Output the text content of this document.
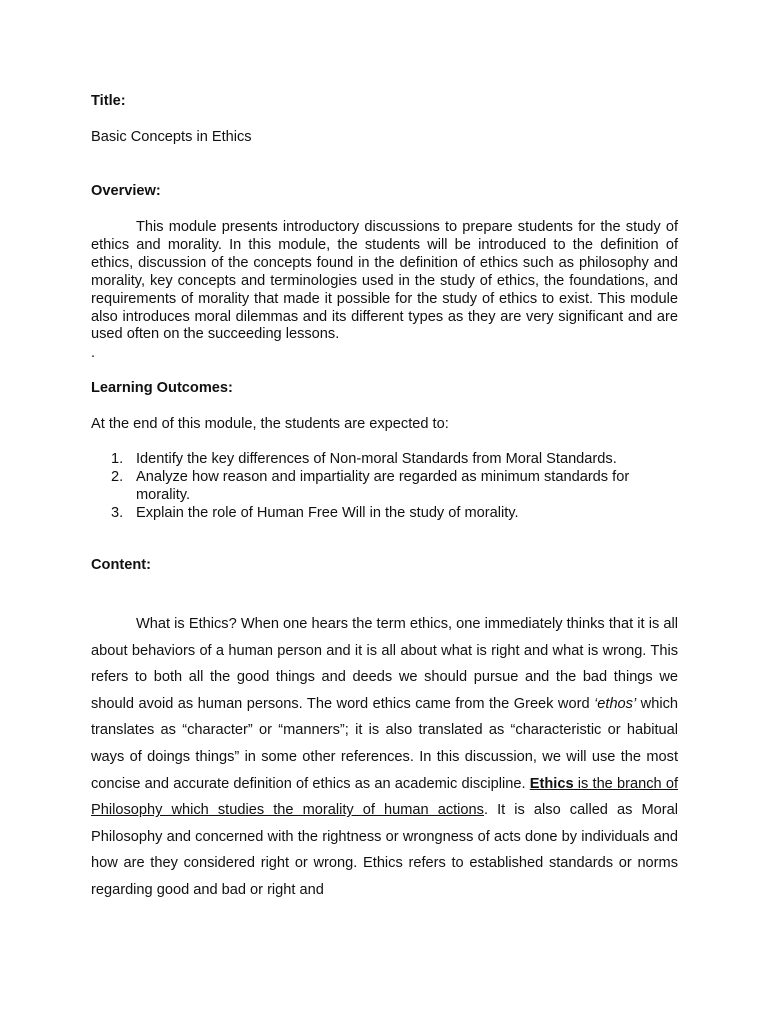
Title:

Basic Concepts in Ethics

Overview:

This module presents introductory discussions to prepare students for the study of ethics and morality. In this module, the students will be introduced to the definition of ethics, discussion of the concepts found in the definition of ethics such as philosophy and morality, key concepts and terminologies used in the study of ethics, the foundations, and requirements of morality that made it possible for the study of ethics to exist. This module also introduces moral dilemmas and its different types as they are very significant and are used often on the succeeding lessons.

.

Learning Outcomes:

At the end of this module, the students are expected to:

1. Identify the key differences of Non-moral Standards from Moral Standards.
2. Analyze how reason and impartiality are regarded as minimum standards for morality.
3. Explain the role of Human Free Will in the study of morality.

Content:

What is Ethics? When one hears the term ethics, one immediately thinks that it is all about behaviors of a human person and it is all about what is right and what is wrong. This refers to both all the good things and deeds we should pursue and the bad things we should avoid as human persons. The word ethics came from the Greek word ‘ethos’ which translates as “character” or “manners”; it is also translated as “characteristic or habitual ways of doings things” in some other references. In this discussion, we will use the most concise and accurate definition of ethics as an academic discipline. Ethics is the branch of Philosophy which studies the morality of human actions. It is also called as Moral Philosophy and concerned with the rightness or wrongness of acts done by individuals and how are they considered right or wrong. Ethics refers to established standards or norms regarding good and bad or right and
